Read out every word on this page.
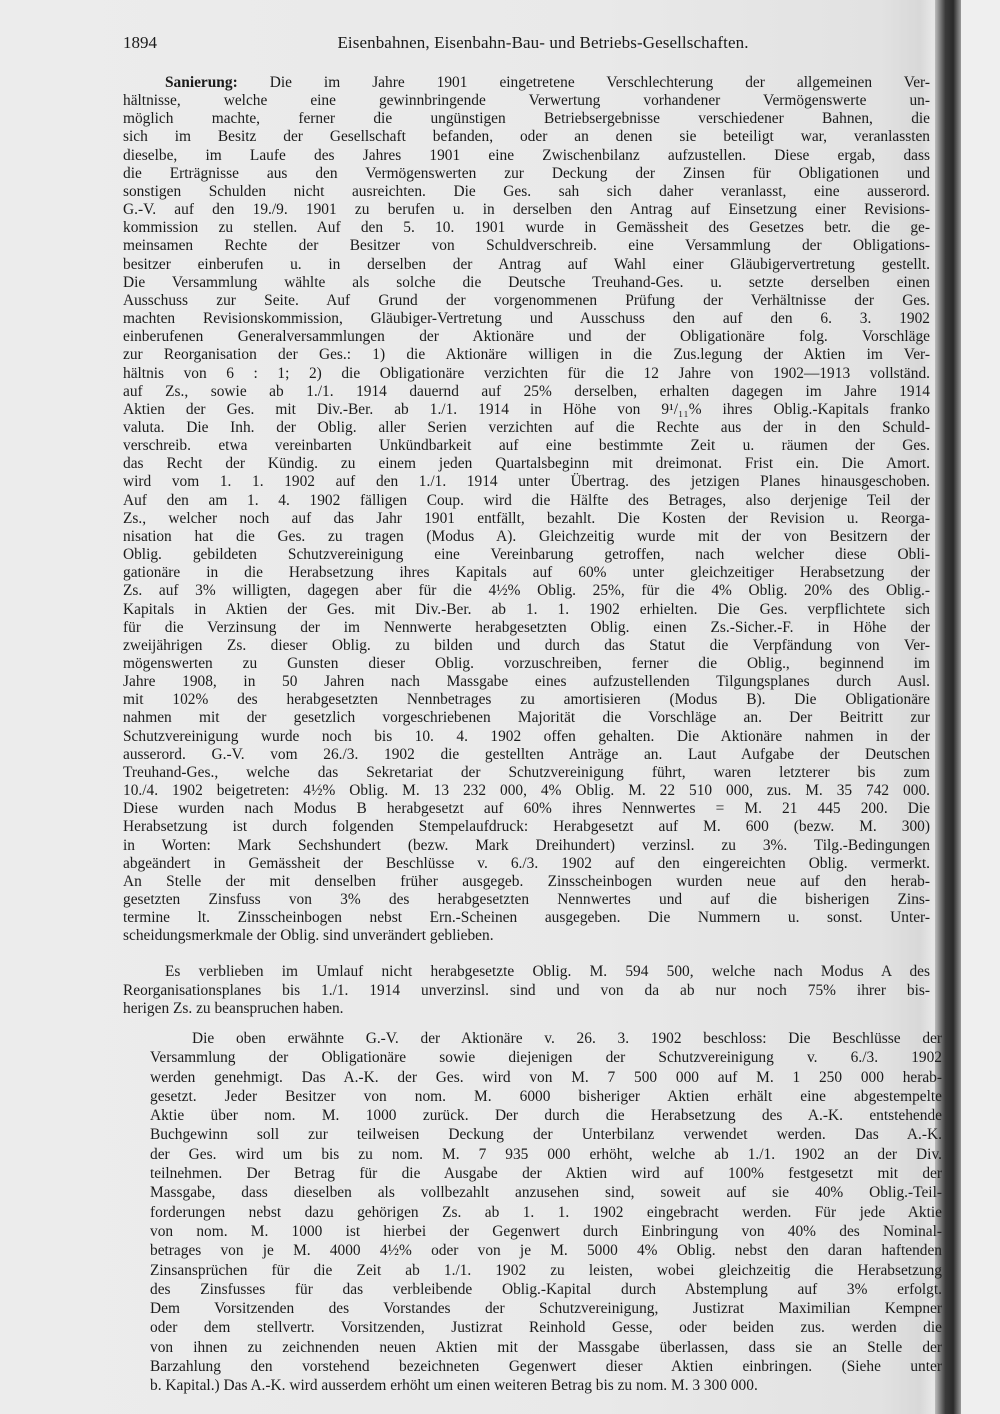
1894	Eisenbahnen, Eisenbahn-Bau- und Betriebs-Gesellschaften.
Sanierung: Die im Jahre 1901 eingetretene Verschlechterung der allgemeinen Ver-
hältnisse, welche eine gewinnbringende Verwertung vorhandener Vermögenswerte un-
möglich machte, ferner die ungünstigen Betriebsergebnisse verschiedener Bahnen, die
sich im Besitz der Gesellschaft befanden, oder an denen sie beteiligt war, veranlassten
dieselbe, im Laufe des Jahres 1901 eine Zwischenbilanz aufzustellen. Diese ergab, dass
die Erträgnisse aus den Vermögenswerten zur Deckung der Zinsen für Obligationen und
sonstigen Schulden nicht ausreichten. Die Ges. sah sich daher veranlasst, eine ausserord.
G.-V. auf den 19./9. 1901 zu berufen u. in derselben den Antrag auf Einsetzung einer Revisions-
kommission zu stellen. Auf den 5. 10. 1901 wurde in Gemässheit des Gesetzes betr. die ge-
meinsamen Rechte der Besitzer von Schuldverschreib. eine Versammlung der Obligations-
besitzer einberufen u. in derselben der Antrag auf Wahl einer Gläubigervertretung gestellt.
Die Versammlung wählte als solche die Deutsche Treuhand-Ges. u. setzte derselben einen
Ausschuss zur Seite. Auf Grund der vorgenommenen Prüfung der Verhältnisse der Ges.
machten Revisionskommission, Gläubiger-Vertretung und Ausschuss den auf den 6. 3. 1902
einberufenen Generalversammlungen der Aktionäre und der Obligationäre folg. Vorschläge
zur Reorganisation der Ges.: 1) die Aktionäre willigen in die Zus.legung der Aktien im Ver-
hältnis von 6 : 1; 2) die Obligationäre verzichten für die 12 Jahre von 1902—1913 vollständ.
auf Zs., sowie ab 1./1. 1914 dauernd auf 25% derselben, erhalten dagegen im Jahre 1914
Aktien der Ges. mit Div.-Ber. ab 1./1. 1914 in Höhe von 9¹/₁₁% ihres Oblig.-Kapitals franko
valuta. Die Inh. der Oblig. aller Serien verzichten auf die Rechte aus der in den Schuld-
verschreib. etwa vereinbarten Unkündbarkeit auf eine bestimmte Zeit u. räumen der Ges.
das Recht der Kündig. zu einem jeden Quartalsbeginn mit dreimonat. Frist ein. Die Amort.
wird vom 1. 1. 1902 auf den 1./1. 1914 unter Übertrag. des jetzigen Planes hinausgeschoben.
Auf den am 1. 4. 1902 fälligen Coup. wird die Hälfte des Betrages, also derjenige Teil der
Zs., welcher noch auf das Jahr 1901 entfällt, bezahlt. Die Kosten der Revision u. Reorga-
nisation hat die Ges. zu tragen (Modus A). Gleichzeitig wurde mit der von Besitzern der
Oblig. gebildeten Schutzvereinigung eine Vereinbarung getroffen, nach welcher diese Obli-
gationäre in die Herabsetzung ihres Kapitals auf 60% unter gleichzeitiger Herabsetzung der
Zs. auf 3% willigten, dagegen aber für die 4½% Oblig. 25%, für die 4% Oblig. 20% des Oblig.-
Kapitals in Aktien der Ges. mit Div.-Ber. ab 1. 1. 1902 erhielten. Die Ges. verpflichtete sich
für die Verzinsung der im Nennwerte herabgesetzten Oblig. einen Zs.-Sicher.-F. in Höhe der
zweijährigen Zs. dieser Oblig. zu bilden und durch das Statut die Verpfändung von Ver-
mögenswerten zu Gunsten dieser Oblig. vorzuschreiben, ferner die Oblig., beginnend im
Jahre 1908, in 50 Jahren nach Massgabe eines aufzustellenden Tilgungsplanes durch Ausl.
mit 102% des herabgesetzten Nennbetrages zu amortisieren (Modus B). Die Obligationäre
nahmen mit der gesetzlich vorgeschriebenen Majorität die Vorschläge an. Der Beitritt zur
Schutzvereinigung wurde noch bis 10. 4. 1902 offen gehalten. Die Aktionäre nahmen in der
ausserord. G.-V. vom 26./3. 1902 die gestellten Anträge an. Laut Aufgabe der Deutschen
Treuhand-Ges., welche das Sekretariat der Schutzvereinigung führt, waren letzterer bis zum
10./4. 1902 beigetreten: 4½% Oblig. M. 13 232 000, 4% Oblig. M. 22 510 000, zus. M. 35 742 000.
Diese wurden nach Modus B herabgesetzt auf 60% ihres Nennwertes = M. 21 445 200. Die
Herabsetzung ist durch folgenden Stempelaufdruck: Herabgesetzt auf M. 600 (bezw. M. 300)
in Worten: Mark Sechshundert (bezw. Mark Dreihundert) verzinsl. zu 3%. Tilg.-Bedingungen
abgeändert in Gemässheit der Beschlüsse v. 6./3. 1902 auf den eingereichten Oblig. vermerkt.
An Stelle der mit denselben früher ausgegeb. Zinsscheinbogen wurden neue auf den herab-
gesetzten Zinsfuss von 3% des herabgesetzten Nennwertes und auf die bisherigen Zins-
termine lt. Zinsscheinbogen nebst Ern.-Scheinen ausgegeben. Die Nummern u. sonst. Unter-
scheidungsmerkmale der Oblig. sind unverändert geblieben.
Es verblieben im Umlauf nicht herabgesetzte Oblig. M. 594 500, welche nach Modus A des
Reorganisationsplanes bis 1./1. 1914 unverzinsl. sind und von da ab nur noch 75% ihrer bis-
herigen Zs. zu beanspruchen haben.
Die oben erwähnte G.-V. der Aktionäre v. 26. 3. 1902 beschloss: Die Beschlüsse der
Versammlung der Obligationäre sowie diejenigen der Schutzvereinigung v. 6./3. 1902
werden genehmigt. Das A.-K. der Ges. wird von M. 7 500 000 auf M. 1 250 000 herab-
gesetzt. Jeder Besitzer von nom. M. 6000 bisheriger Aktien erhält eine abgestempelte
Aktie über nom. M. 1000 zurück. Der durch die Herabsetzung des A.-K. entstehende
Buchgewinn soll zur teilweisen Deckung der Unterbilanz verwendet werden. Das A.-K.
der Ges. wird um bis zu nom. M. 7 935 000 erhöht, welche ab 1./1. 1902 an der Div.
teilnehmen. Der Betrag für die Ausgabe der Aktien wird auf 100% festgesetzt mit der
Massgabe, dass dieselben als vollbezahlt anzusehen sind, soweit auf sie 40% Oblig.-Teil-
forderungen nebst dazu gehörigen Zs. ab 1. 1. 1902 eingebracht werden. Für jede Aktie
von nom. M. 1000 ist hierbei der Gegenwert durch Einbringung von 40% des Nominal-
betrages von je M. 4000 4½% oder von je M. 5000 4% Oblig. nebst den daran haftenden
Zinsansprüchen für die Zeit ab 1./1. 1902 zu leisten, wobei gleichzeitig die Herabsetzung
des Zinsfusses für das verbleibende Oblig.-Kapital durch Abstemplung auf 3% erfolgt.
Dem Vorsitzenden des Vorstandes der Schutzvereinigung, Justizrat Maximilian Kempner
oder dem stellvertr. Vorsitzenden, Justizrat Reinhold Gesse, oder beiden zus. werden die
von ihnen zu zeichnenden neuen Aktien mit der Massgabe überlassen, dass sie an Stelle der
Barzahlung den vorstehend bezeichneten Gegenwert dieser Aktien einbringen. (Siehe unter
b. Kapital.) Das A.-K. wird ausserdem erhöht um einen weiteren Betrag bis zu nom. M. 3 300 000.
